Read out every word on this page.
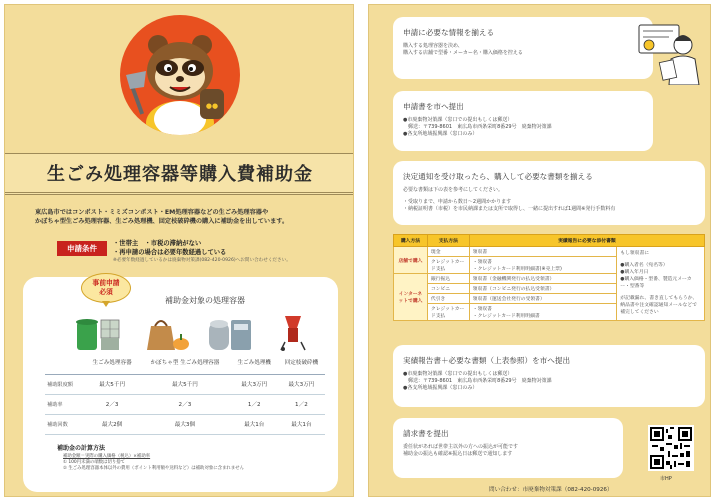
●●
生ごみ処理容器等購入費補助金
東広島市ではコンポスト・ミミズコンポスト・EM処理容器などの生ごみ処理容器や
かぼちゃ型生ごみ処理容器、生ごみ処理機、回定枝破砕機の購入に補助金を出しています。
申請条件
・世帯主　・市税の滞納がない
・再申請の場合は必要年数経過している
※必要年数経過しているかは廃棄物対策課(082-420-0926)へお問い合わせください。
事前申請
必須
補助金対象の処理容器
	生ごみ処理容器	かぼちゃ型 生ごみ処理容器	生ごみ処理機	回定枝破砕機
補助限度額	最大5千円	最大5千円	最大3万円	最大3万円
補助率	2／3	2／3	1／2	1／2
補助回数	最大2個	最大3個	最大1台	最大1台
補助金の計算方法
補助金額＝実際の購入価格（税込）×補助率
① 100円未満の端数は切り捨て
② 生ごみ処理容器本体以外の費用（ポイント利用額や送料など）は補助対象に含まれません
申請に必要な情報を揃える
購入する処理容器を決め、
購入する店舗で型番・メーカー名・購入価格を控える
申請書を市へ提出
●市廃棄物対策課（窓口での提出もしくは郵送）
　郵送：〒739-8601　東広島市西条栄町8番29号　廃棄物対策課
●各支所地域振興課（窓口のみ）
決定通知を受け取ったら、購入して必要な書類を揃える
必要な書類は下の表を参考にしてください。
・受取りまで、申請から数日～2週間かかります
・納税証明書（市税）を市民納課または支所で取得し、一緒に提出すれば1週間※発行手数料有
購入方法	支払方法	実績報告に必要な添付書類	
店舗で購入	現金	領収書	もし領収書に
●購入者名（宛名等）
●購入年月日
●購入価格・型番、製造元メーカー・型番等
が記載漏れ、書き直してもらうか、納品書や注文確認通知メールなどで補完してください

	クレジットカード支払	・領収書
・クレジットカード利用明細書(※売上票)	
インターネットで購入	銀行振込	領収書（金融機関発行の払込受領書）	
	コンビニ	領収書（コンビニ発行の払込受領書）	
	代引き	領収書（運送会社発行の受領書）	
	クレジットカード支払	・領収書
・クレジットカード利用明細書	
実績報告書＋必要な書類（上表参照）を市へ提出
●市廃棄物対策課（窓口での提出もしくは郵送）
　郵送：〒739-8601　東広島市西条栄町8番29号　廃棄物対策課
●各支所地域振興課（窓口のみ）
請求書を提出
委任状があれば世帯主以外の方への振込が可能です
補助金の振込も確認※振込日は郵送で通知します
市HP
問い合わせ：市廃棄物対策課（082-420-0926）
